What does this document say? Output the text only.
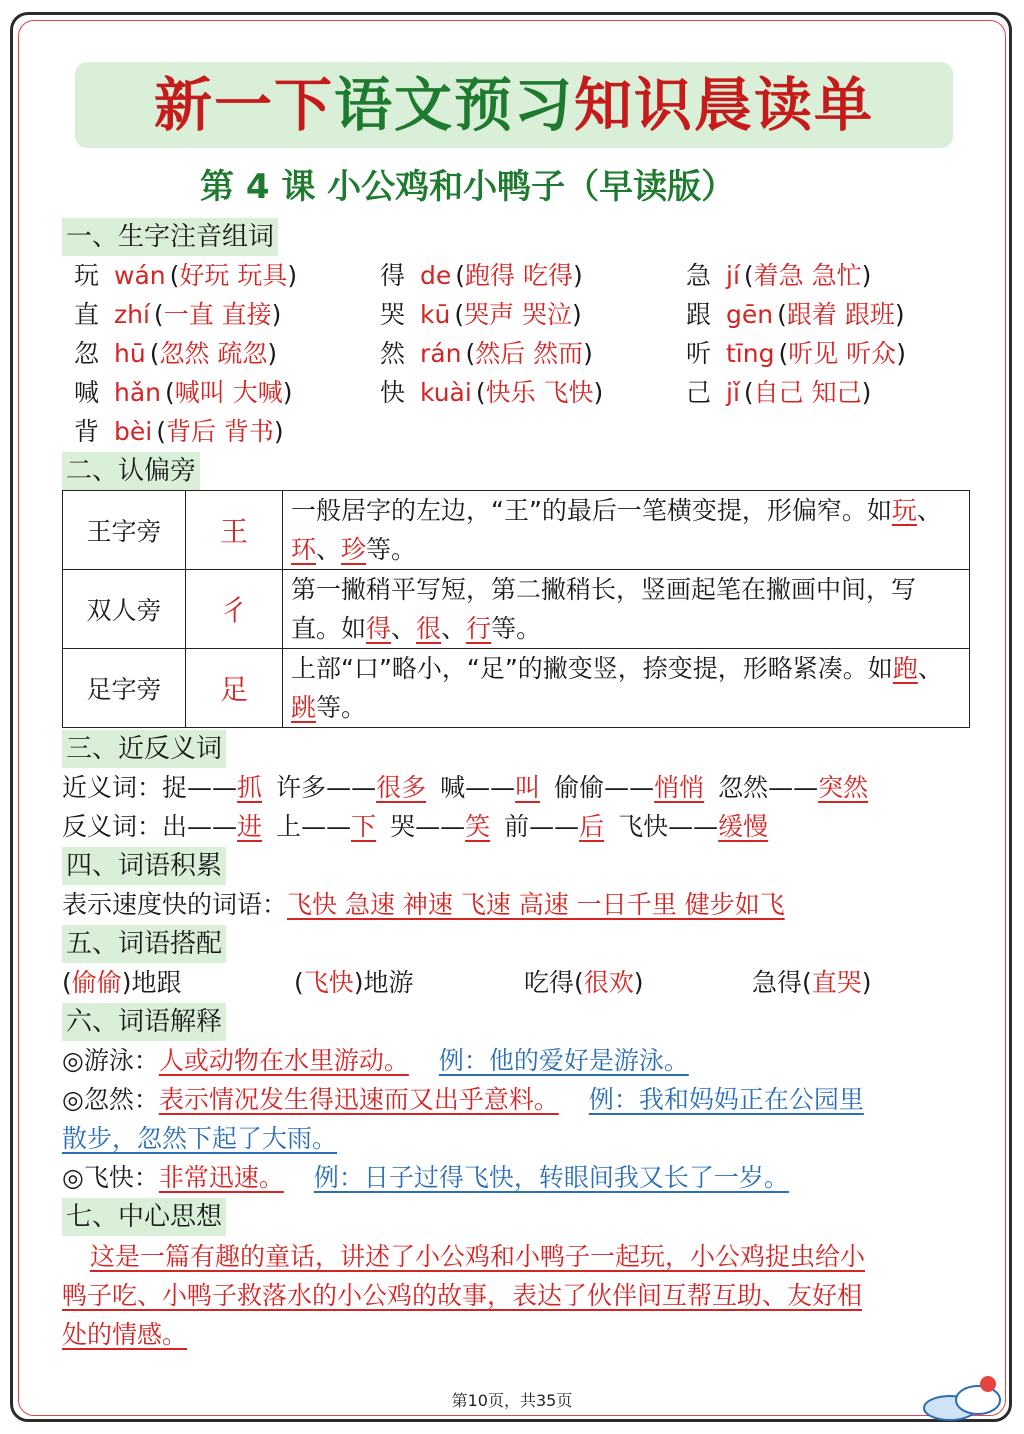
新一下语文预习知识晨读单
第 4 课 小公鸡和小鸭子（早读版）
一、生字注音组词
玩 wán (好玩 玩具)	得 de (跑得 吃得)	急 jí (着急 急忙)
直 zhí (一直 直接)	哭 kū (哭声 哭泣)	跟 gēn (跟着 跟班)
忽 hū (忽然 疏忽)	然 rán (然后 然而)	听 tīng (听见 听众)
喊 hǎn (喊叫 大喊)	快 kuài (快乐 飞快)	己 jǐ (自己 知己)
背 bèi (背后 背书)
二、认偏旁
王字旁	王	一般居字的左边，“王”的最后一笔横变提，形偏窄。如玩、环、珍等。
双人旁	彳	第一撇稍平写短，第二撇稍长，竖画起笔在撇画中间，写直。如得、很、行等。
足字旁	足	上部“口”略小，“足”的撇变竖，捺变提，形略紧凑。如跑、跳等。
三、近反义词
近义词：捉——抓 许多——很多 喊——叫 偷偷——悄悄 忽然——突然
反义词：出——进 上——下 哭——笑 前——后 飞快——缓慢
四、词语积累
表示速度快的词语：飞快 急速 神速 飞速 高速 一日千里 健步如飞
五、词语搭配
(偷偷)地跟	(飞快)地游	吃得(很欢)	急得(直哭)
六、词语解释
◎游泳：人或动物在水里游动。 例：他的爱好是游泳。
◎忽然：表示情况发生得迅速而又出乎意料。 例：我和妈妈正在公园里
散步，忽然下起了大雨。
◎飞快：非常迅速。 例：日子过得飞快，转眼间我又长了一岁。
七、中心思想
这是一篇有趣的童话，讲述了小公鸡和小鸭子一起玩，小公鸡捉虫给小
鸭子吃、小鸭子救落水的小公鸡的故事，表达了伙伴间互帮互助、友好相
处的情感。
第10页，共35页
